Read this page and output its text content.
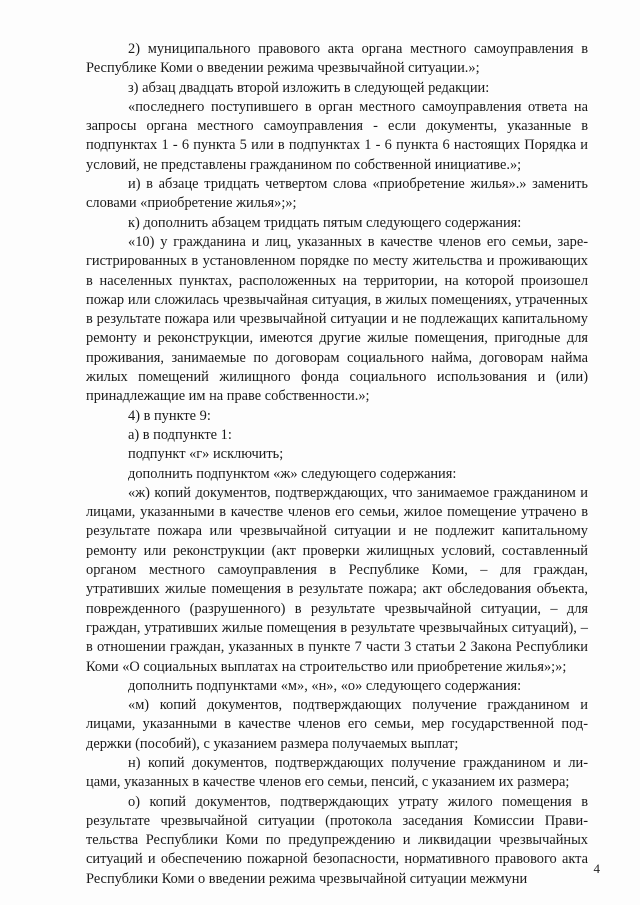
2) муниципального правового акта органа местного самоуправления в Республике Коми о введении режима чрезвычайной ситуации.»;

з) абзац двадцать второй изложить в следующей редакции:

«последнего поступившего в орган местного самоуправления ответа на запросы органа местного самоуправления - если документы, указанные в подпунктах 1 - 6 пункта 5 или в подпунктах 1 - 6 пункта 6 настоящих Порядка и условий, не представлены гражданином по собственной инициативе.»;

и) в абзаце тридцать четвертом слова «приобретение жилья».» заменить словами «приобретение жилья»;»;

к) дополнить абзацем тридцать пятым следующего содержания:

«10) у гражданина и лиц, указанных в качестве членов его семьи, зарегистрированных в установленном порядке по месту жительства и проживающих в населенных пунктах, расположенных на территории, на которой произошел пожар или сложилась чрезвычайная ситуация, в жилых помещениях, утраченных в результате пожара или чрезвычайной ситуации и не подлежащих капитальному ремонту и реконструкции, имеются другие жилые помещения, пригодные для проживания, занимаемые по договорам социального найма, договорам найма жилых помещений жилищного фонда социального использования и (или) принадлежащие им на праве собственности.»;

4) в пункте 9:

а) в подпункте 1:

подпункт «г» исключить;

дополнить подпунктом «ж» следующего содержания:

«ж) копий документов, подтверждающих, что занимаемое гражданином и лицами, указанными в качестве членов его семьи, жилое помещение утрачено в результате пожара или чрезвычайной ситуации и не подлежит капитальному ремонту или реконструкции (акт проверки жилищных условий, составленный органом местного самоуправления в Республике Коми, – для граждан, утративших жилые помещения в результате пожара; акт обследования объекта, поврежденного (разрушенного) в результате чрезвычайной ситуации, – для граждан, утративших жилые помещения в результате чрезвычайных ситуаций), – в отношении граждан, указанных в пункте 7 части 3 статьи 2 Закона Республики Коми «О социальных выплатах на строительство или приобретение жилья»;»;

дополнить подпунктами «м», «н», «о» следующего содержания:

«м) копий документов, подтверждающих получение гражданином и лицами, указанными в качестве членов его семьи, мер государственной поддержки (пособий), с указанием размера получаемых выплат;

н) копий документов, подтверждающих получение гражданином и лицами, указанных в качестве членов его семьи, пенсий, с указанием их размера;

о) копий документов, подтверждающих утрату жилого помещения в результате чрезвычайной ситуации (протокола заседания Комиссии Правительства Республики Коми по предупреждению и ликвидации чрезвычайных ситуаций и обеспечению пожарной безопасности, нормативного правового акта Республики Коми о введении режима чрезвычайной ситуации межмуни

4
